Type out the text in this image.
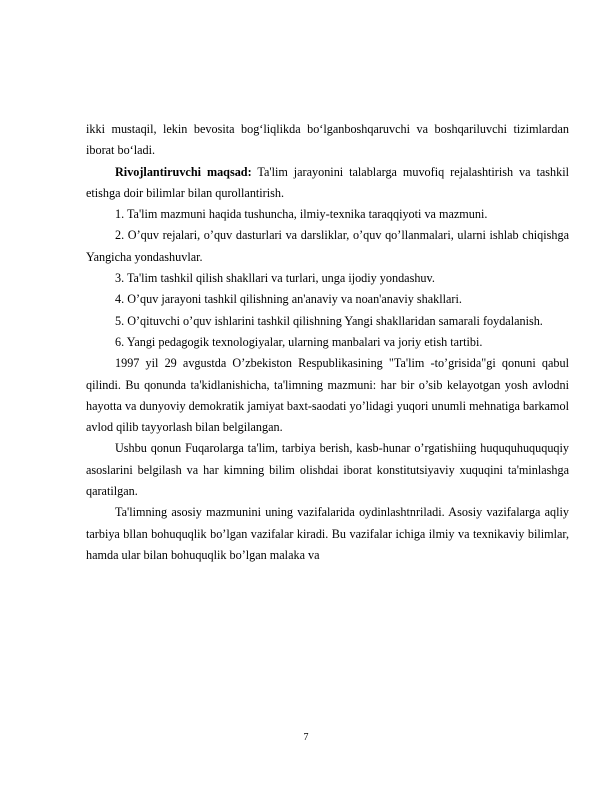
ikki mustaqil, lekin bevosita bog‘liqlikda bo‘lganboshqaruvchi va boshqariluvchi tizimlardan iborat bo‘ladi.

Rivojlantiruvchi maqsad: Ta'lim jarayonini talablarga muvofiq rejalashtirish va tashkil etishga doir bilimlar bilan qurollantirish.

1. Ta'lim mazmuni haqida tushuncha, ilmiy-texnika taraqqiyoti va mazmuni.

2. O’quv rejalari, o’quv dasturlari va darsliklar, o’quv qo’llanmalari, ularni ishlab chiqishga Yangicha yondashuvlar.

3. Ta'lim tashkil qilish shakllari va turlari, unga ijodiy yondashuv.

4. O’quv jarayoni tashkil qilishning an'anaviy va noan'anaviy shakllari.

5. O’qituvchi o’quv ishlarini tashkil qilishning Yangi shakllaridan samarali foydalanish.

6. Yangi pedagogik texnologiyalar, ularning manbalari va joriy etish tartibi.

1997 yil 29 avgustda O’zbekiston Respublikasining "Ta'lim -to’grisida"gi qonuni qabul qilindi. Bu qonunda ta'kidlanishicha, ta'limning mazmuni: har bir o’sib kelayotgan yosh avlodni hayotta va dunyoviy demokratik jamiyat baxt-saodati yo’lidagi yuqori unumli mehnatiga barkamol avlod qilib tayyorlash bilan belgilangan.

Ushbu qonun Fuqarolarga ta'lim, tarbiya berish, kasb-hunar o’rgatishiing huququhuququqiy asoslarini belgilash va har kimning bilim olishdai iborat konstitutsiyaviy xuquqini ta'minlashga qaratilgan.

Ta'limning asosiy mazmunini uning vazifalarida oydinlashtnriladi. Asosiy vazifalarga aqliy tarbiya bllan bohuquqlik bo’lgan vazifalar kiradi. Bu vazifalar ichiga ilmiy va texnikaviy bilimlar, hamda ular bilan bohuquqlik bo’lgan malaka va

7
